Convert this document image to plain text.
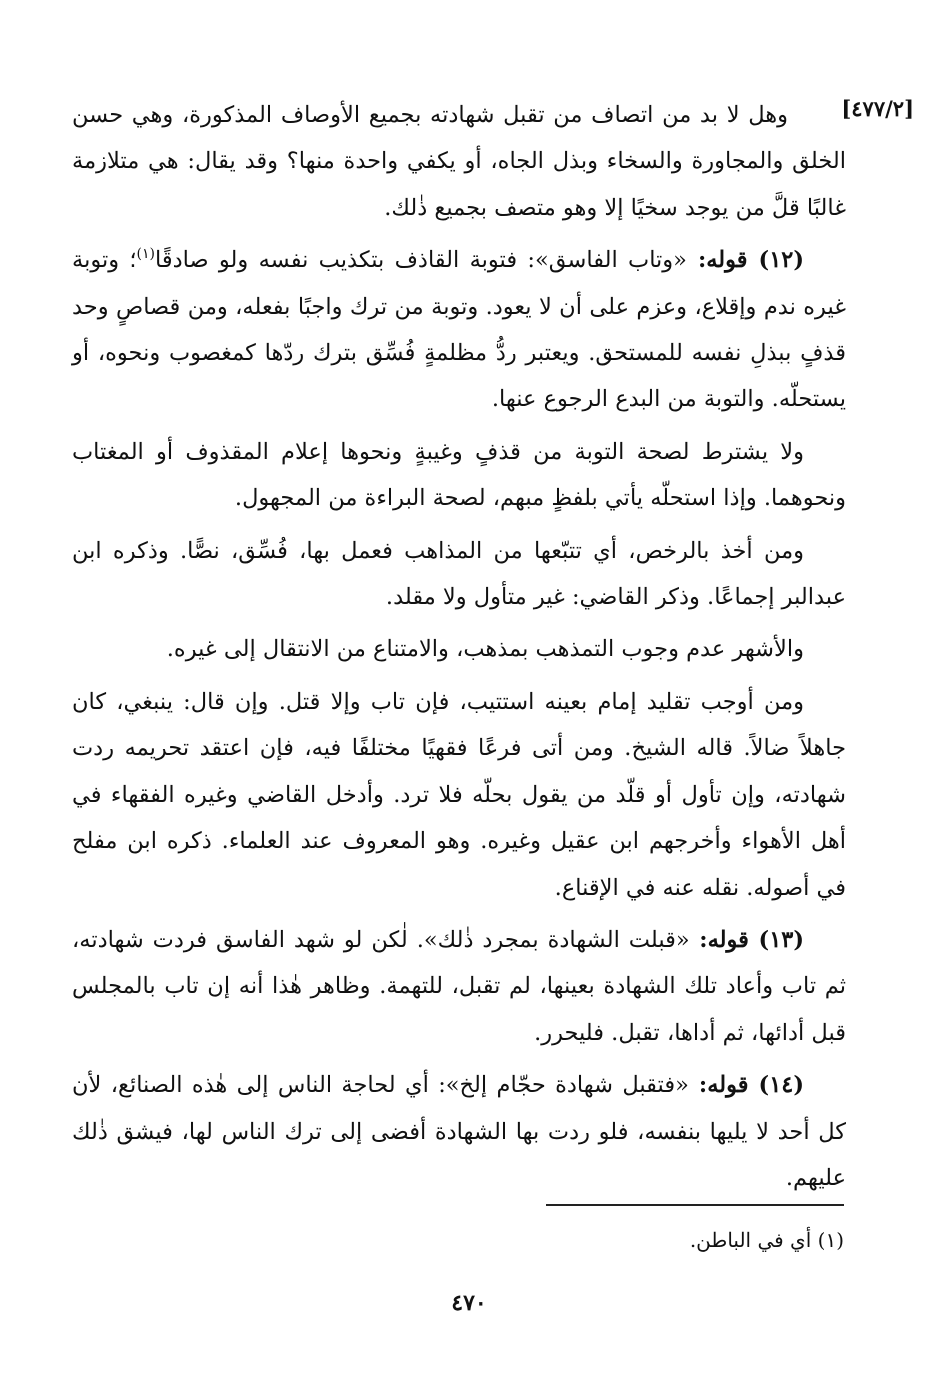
[٤٧٧/٢]

وهل لا بد من اتصاف من تقبل شهادته بجميع الأوصاف المذكورة، وهي حسن الخلق والمجاورة والسخاء وبذل الجاه، أو يكفي واحدة منها؟ وقد يقال: هي متلازمة غالبًا قلَّ من يوجد سخيًا إلا وهو متصف بجميع ذٰلك.

(١٢) قوله: «وتاب الفاسق»: فتوبة القاذف بتكذيب نفسه ولو صادقًا$^{(١)}$؛ وتوبة غيره ندم وإقلاع، وعزم على أن لا يعود. وتوبة من ترك واجبًا بفعله، ومن قصاصٍ وحد قذفٍ ببذلِ نفسه للمستحق. ويعتبر ردُّ مظلمةٍ فُسِّق بترك ردّها كمغصوب ونحوه، أو يستحلّه. والتوبة من البدع الرجوع عنها.

ولا يشترط لصحة التوبة من قذفٍ وغيبةٍ ونحوها إعلام المقذوف أو المغتاب ونحوهما. وإذا استحلّه يأتي بلفظٍ مبهم، لصحة البراءة من المجهول.

ومن أخذ بالرخص، أي تتبّعها من المذاهب فعمل بها، فُسِّق، نصًّا. وذكره ابن عبدالبر إجماعًا. وذكر القاضي: غير متأول ولا مقلد.

والأشهر عدم وجوب التمذهب بمذهب، والامتناع من الانتقال إلى غيره.

ومن أوجب تقليد إمام بعينه استتيب، فإن تاب وإلا قتل. وإن قال: ينبغي، كان جاهلاً ضالاً. قاله الشيخ. ومن أتى فرعًا فقهيًا مختلفًا فيه، فإن اعتقد تحريمه ردت شهادته، وإن تأول أو قلّد من يقول بحلّه فلا ترد. وأدخل القاضي وغيره الفقهاء في أهل الأهواء وأخرجهم ابن عقيل وغيره. وهو المعروف عند العلماء. ذكره ابن مفلح في أصوله. نقله عنه في الإقناع.

(١٣) قوله: «قبلت الشهادة بمجرد ذٰلك». لٰكن لو شهد الفاسق فردت شهادته، ثم تاب وأعاد تلك الشهادة بعينها، لم تقبل، للتهمة. وظاهر هٰذا أنه إن تاب بالمجلس قبل أدائها، ثم أداها، تقبل. فليحرر.

(١٤) قوله: «فتقبل شهادة حجّام إلخ»: أي لحاجة الناس إلى هٰذه الصنائع، لأن كل أحد لا يليها بنفسه، فلو ردت بها الشهادة أفضى إلى ترك الناس لها، فيشق ذٰلك عليهم.

(١) أي في الباطن.
٤٧٠
